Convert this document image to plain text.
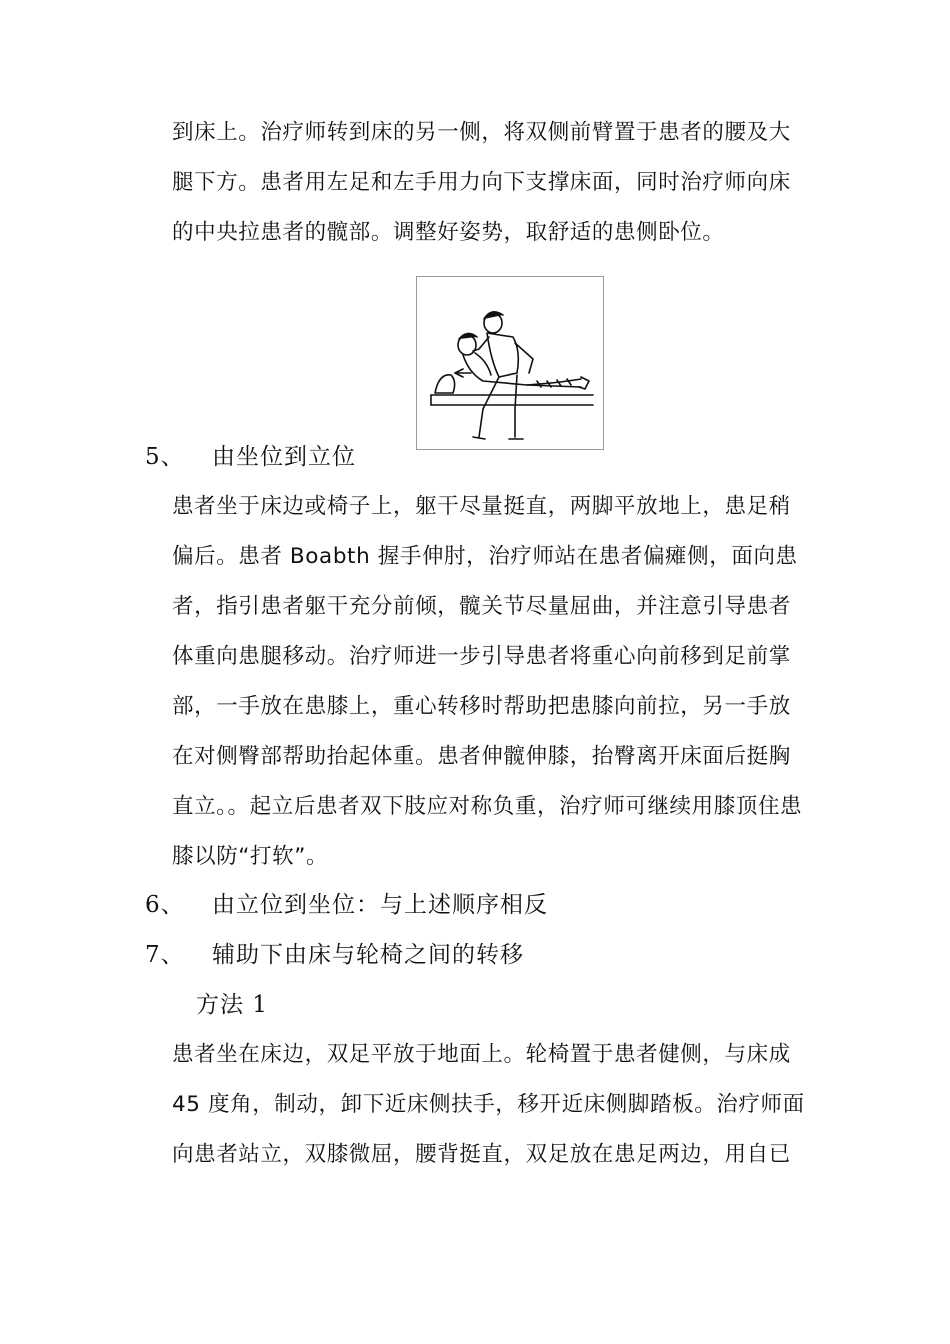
到床上。治疗师转到床的另一侧，将双侧前臂置于患者的腰及大
腿下方。患者用左足和左手用力向下支撑床面，同时治疗师向床
的中央拉患者的髋部。调整好姿势，取舒适的患侧卧位。
5、 由坐位到立位
患者坐于床边或椅子上，躯干尽量挺直，两脚平放地上，患足稍
偏后。患者 Boabth 握手伸肘，治疗师站在患者偏瘫侧，面向患
者，指引患者躯干充分前倾，髋关节尽量屈曲，并注意引导患者
体重向患腿移动。治疗师进一步引导患者将重心向前移到足前掌
部，一手放在患膝上，重心转移时帮助把患膝向前拉，另一手放
在对侧臀部帮助抬起体重。患者伸髋伸膝，抬臀离开床面后挺胸
直立。。起立后患者双下肢应对称负重，治疗师可继续用膝顶住患
膝以防“打软”。
6、 由立位到坐位：与上述顺序相反
7、 辅助下由床与轮椅之间的转移
方法 1
患者坐在床边，双足平放于地面上。轮椅置于患者健侧，与床成
45 度角，制动，卸下近床侧扶手，移开近床侧脚踏板。治疗师面
向患者站立，双膝微屈，腰背挺直，双足放在患足两边，用自已
